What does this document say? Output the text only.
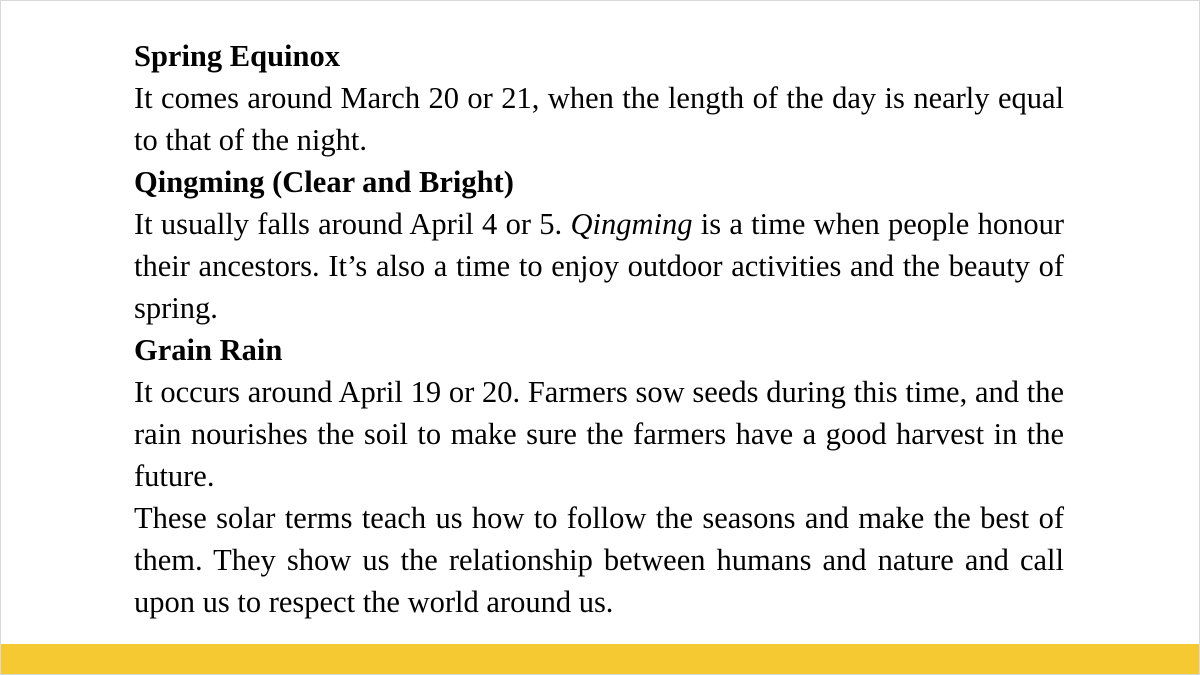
Spring Equinox

It comes around March 20 or 21, when the length of the day is nearly equal to that of the night.

Qingming (Clear and Bright)

It usually falls around April 4 or 5. Qingming is a time when people honour their ancestors. It’s also a time to enjoy outdoor activities and the beauty of spring.

Grain Rain

It occurs around April 19 or 20. Farmers sow seeds during this time, and the rain nourishes the soil to make sure the farmers have a good harvest in the future.

These solar terms teach us how to follow the seasons and make the best of them. They show us the relationship between humans and nature and call upon us to respect the world around us.
